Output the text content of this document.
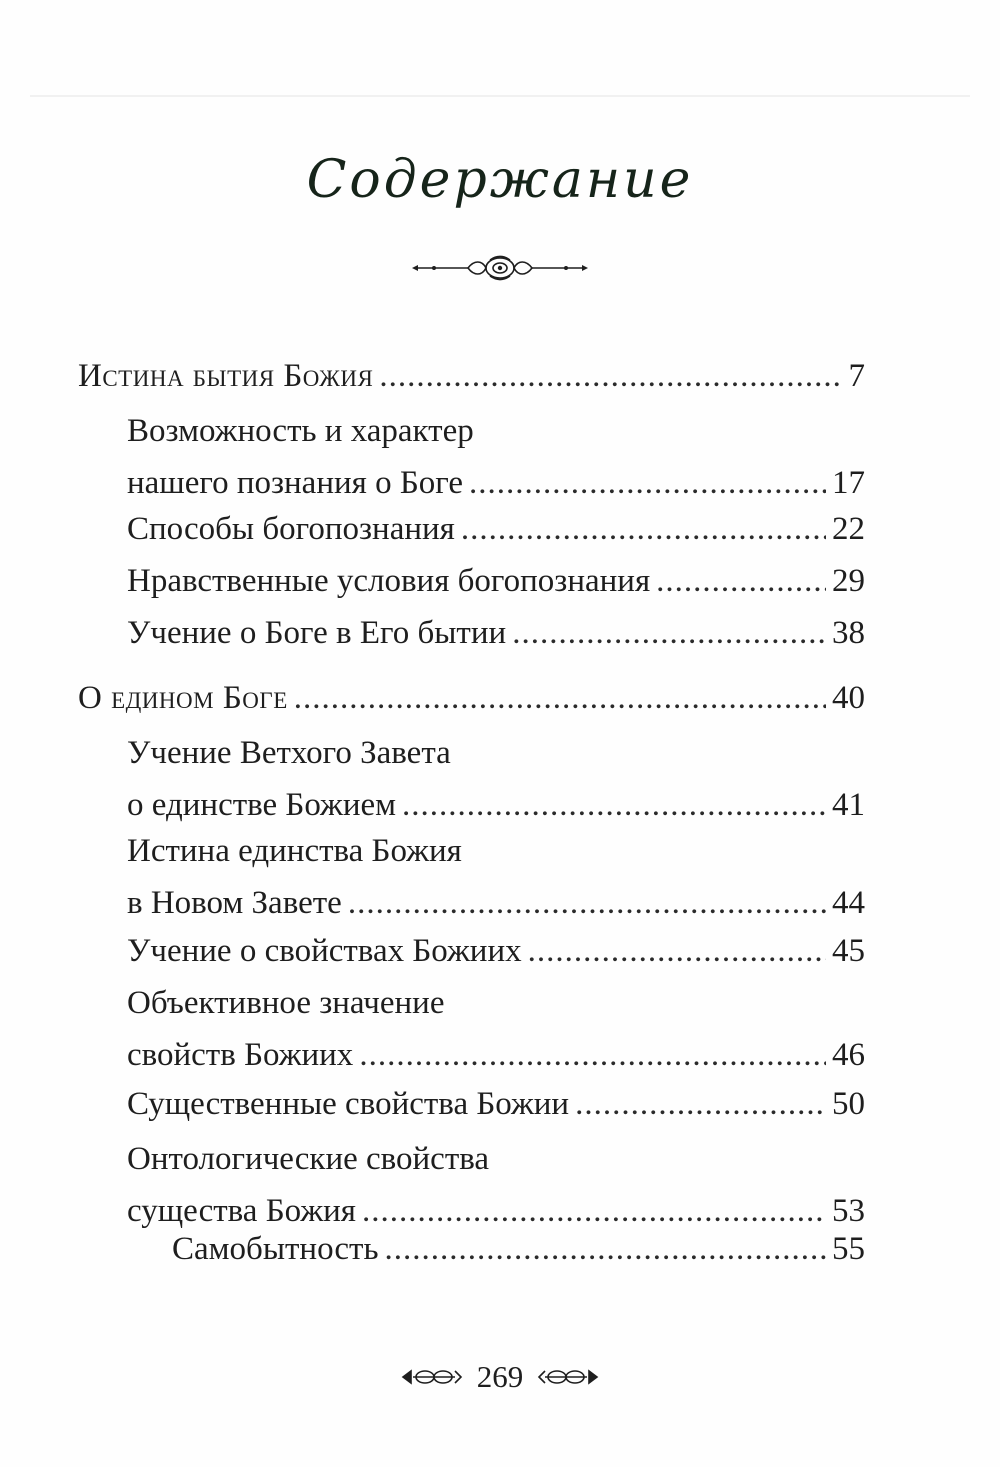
Содержание
Истина бытия Божия .....	7
Возможность и характер
нашего познания о Боге .....	17
Способы богопознания .....	22
Нравственные условия богопознания .....	29
Учение о Боге в Его бытии .....	38
О едином Боге .....	40
Учение Ветхого Завета
о единстве Божием .....	41
Истина единства Божия
в Новом Завете .....	44
Учение о свойствах Божиих .....	45
Объективное значение
свойств Божиих .....	46
Существенные свойства Божии .....	50
Онтологические свойства
существа Божия .....	53
Самобытность .....	55
269
